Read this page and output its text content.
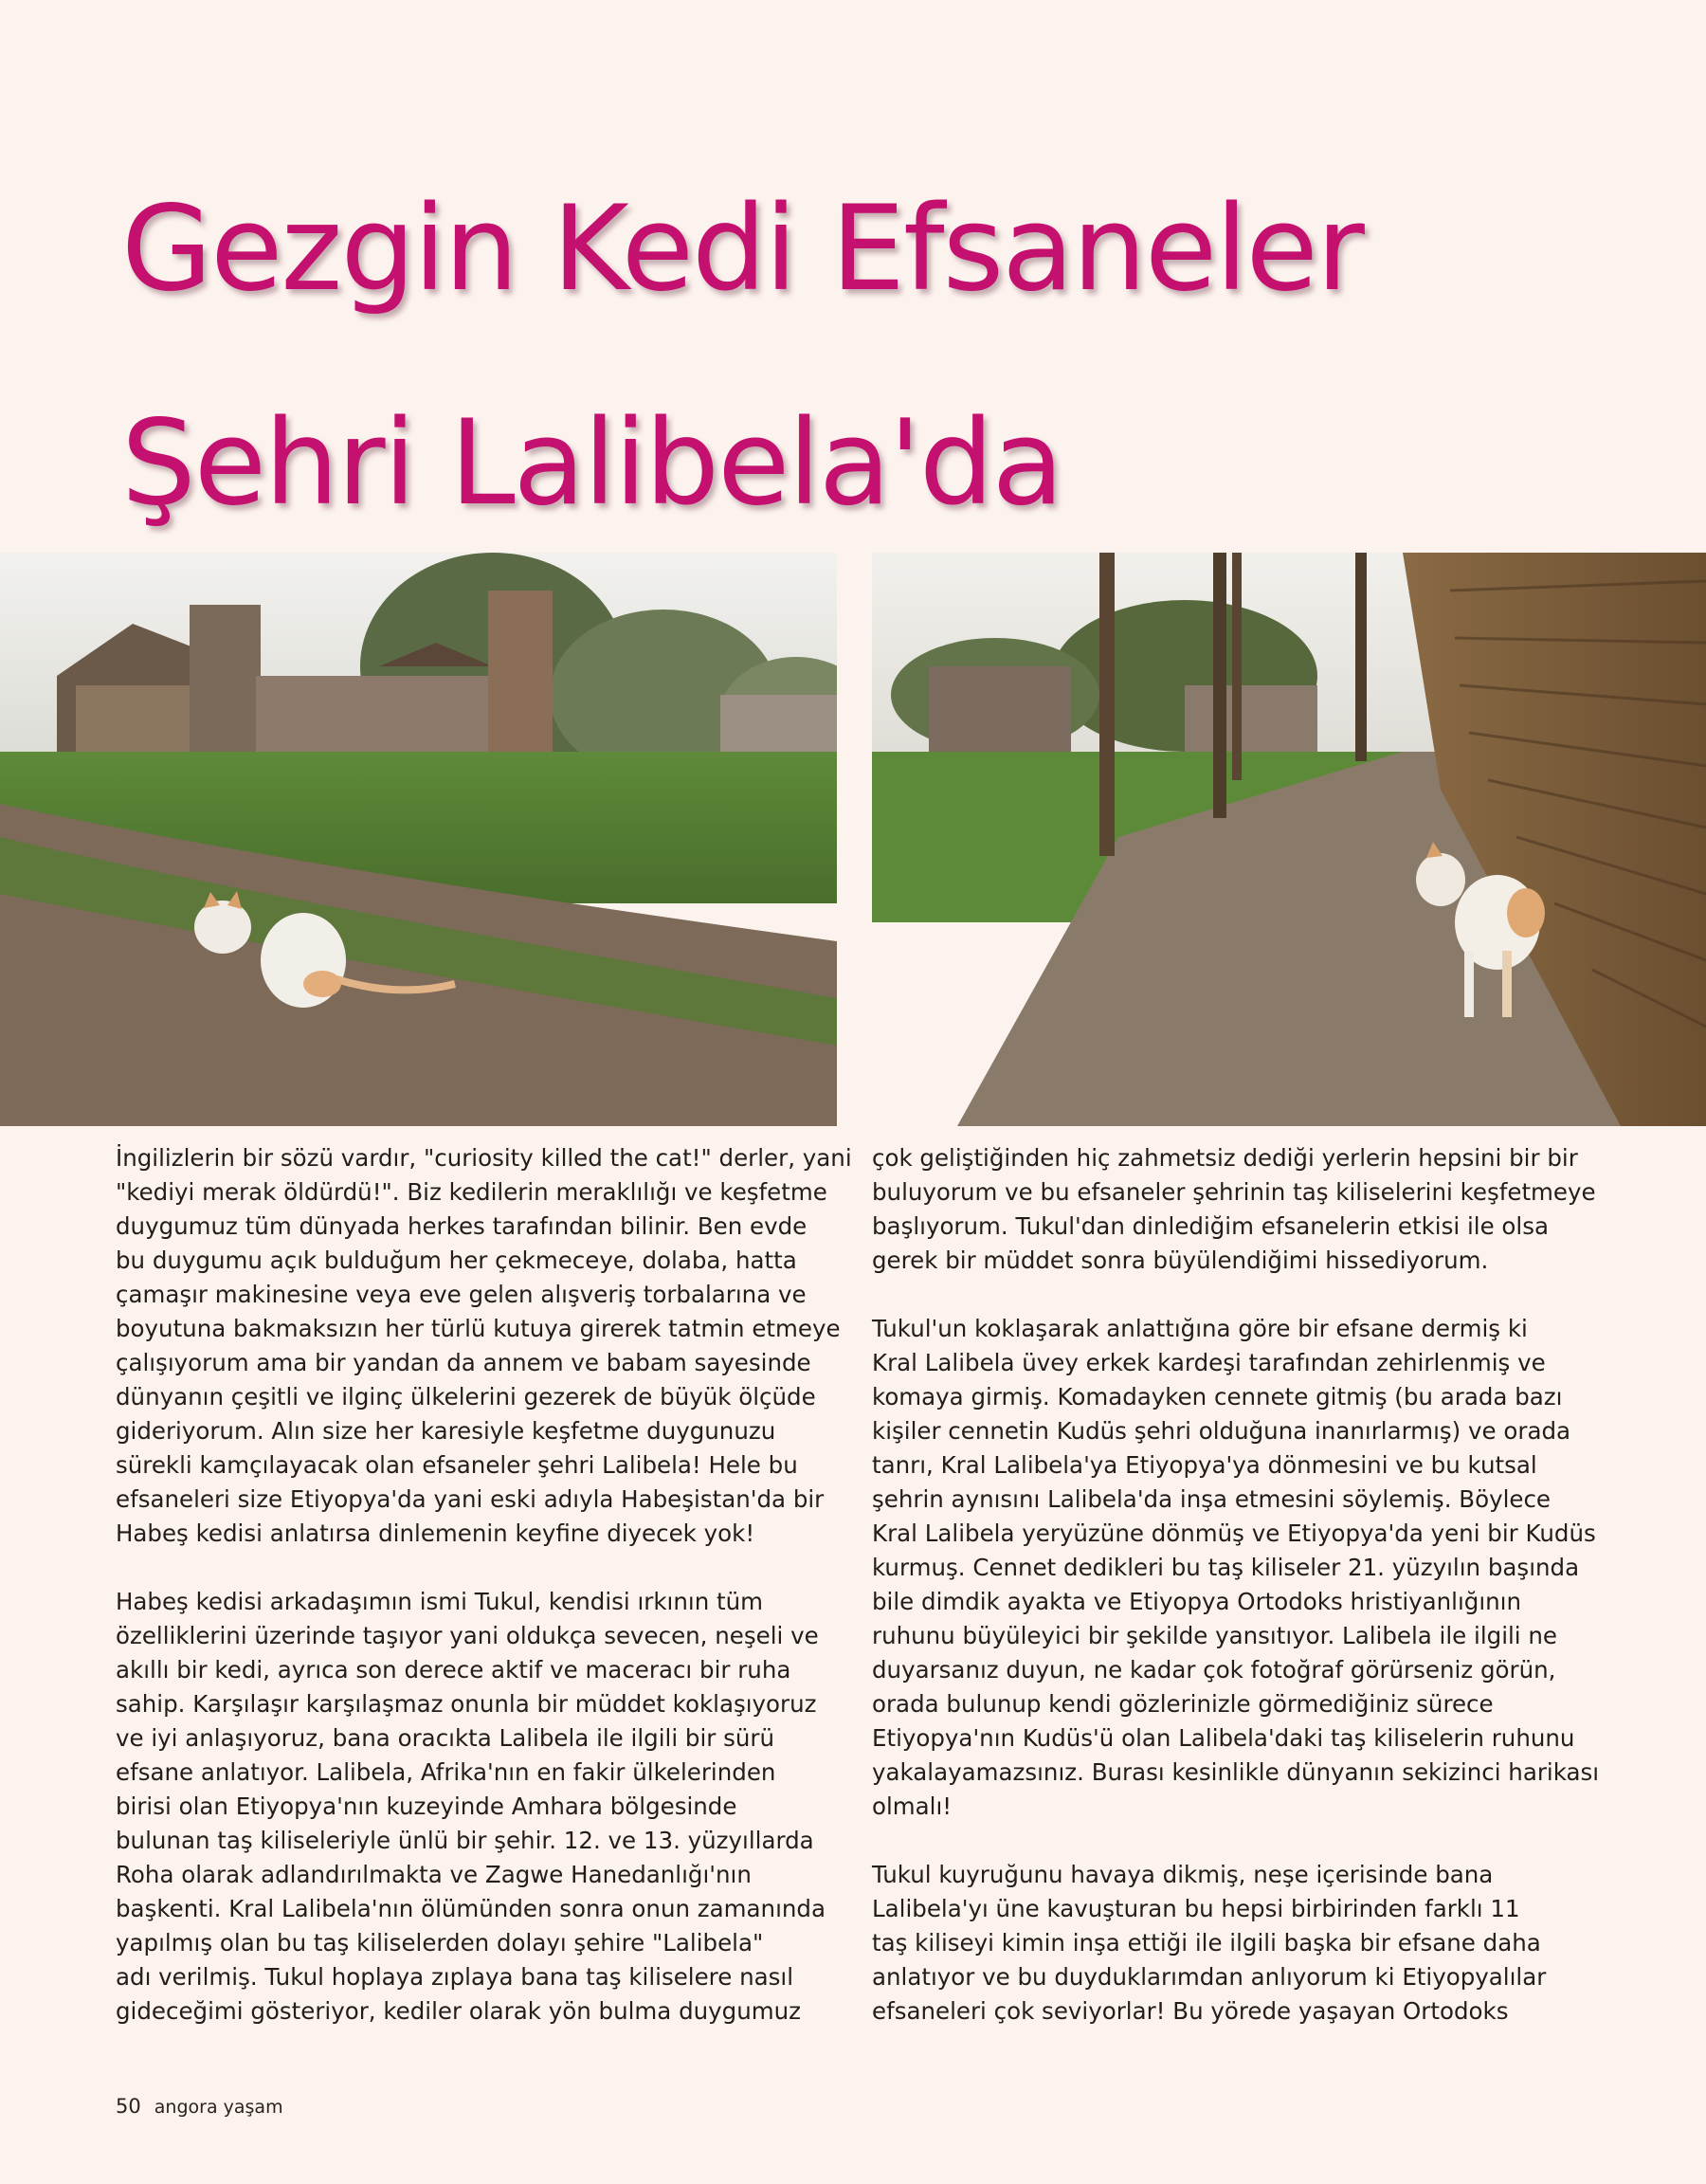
Gezgin Kedi Efsaneler
Şehri Lalibela'da

İngilizlerin bir sözü vardır, "curiosity killed the cat!" derler, yani
"kediyi merak öldürdü!". Biz kedilerin meraklılığı ve keşfetme
duygumuz tüm dünyada herkes tarafından bilinir. Ben evde
bu duygumu açık bulduğum her çekmeceye, dolaba, hatta
çamaşır makinesine veya eve gelen alışveriş torbalarına ve
boyutuna bakmaksızın her türlü kutuya girerek tatmin etmeye
çalışıyorum ama bir yandan da annem ve babam sayesinde
dünyanın çeşitli ve ilginç ülkelerini gezerek de büyük ölçüde
gideriyorum. Alın size her karesiyle keşfetme duygunuzu
sürekli kamçılayacak olan efsaneler şehri Lalibela! Hele bu
efsaneleri size Etiyopya'da yani eski adıyla Habeşistan'da bir
Habeş kedisi anlatırsa dinlemenin keyfine diyecek yok!

Habeş kedisi arkadaşımın ismi Tukul, kendisi ırkının tüm
özelliklerini üzerinde taşıyor yani oldukça sevecen, neşeli ve
akıllı bir kedi, ayrıca son derece aktif ve maceracı bir ruha
sahip. Karşılaşır karşılaşmaz onunla bir müddet koklaşıyoruz
ve iyi anlaşıyoruz, bana oracıkta Lalibela ile ilgili bir sürü
efsane anlatıyor. Lalibela, Afrika'nın en fakir ülkelerinden
birisi olan Etiyopya'nın kuzeyinde Amhara bölgesinde
bulunan taş kiliseleriyle ünlü bir şehir. 12. ve 13. yüzyıllarda
Roha olarak adlandırılmakta ve Zagwe Hanedanlığı'nın
başkenti. Kral Lalibela'nın ölümünden sonra onun zamanında
yapılmış olan bu taş kiliselerden dolayı şehire "Lalibela"
adı verilmiş. Tukul hoplaya zıplaya bana taş kiliselere nasıl
gideceğimi gösteriyor, kediler olarak yön bulma duygumuz

çok geliştiğinden hiç zahmetsiz dediği yerlerin hepsini bir bir
buluyorum ve bu efsaneler şehrinin taş kiliselerini keşfetmeye
başlıyorum. Tukul'dan dinlediğim efsanelerin etkisi ile olsa
gerek bir müddet sonra büyülendiğimi hissediyorum.

Tukul'un koklaşarak anlattığına göre bir efsane dermiş ki
Kral Lalibela üvey erkek kardeşi tarafından zehirlenmiş ve
komaya girmiş. Komadayken cennete gitmiş (bu arada bazı
kişiler cennetin Kudüs şehri olduğuna inanırlarmış) ve orada
tanrı, Kral Lalibela'ya Etiyopya'ya dönmesini ve bu kutsal
şehrin aynısını Lalibela'da inşa etmesini söylemiş. Böylece
Kral Lalibela yeryüzüne dönmüş ve Etiyopya'da yeni bir Kudüs
kurmuş. Cennet dedikleri bu taş kiliseler 21. yüzyılın başında
bile dimdik ayakta ve Etiyopya Ortodoks hristiyanlığının
ruhunu büyüleyici bir şekilde yansıtıyor. Lalibela ile ilgili ne
duyarsanız duyun, ne kadar çok fotoğraf görürseniz görün,
orada bulunup kendi gözlerinizle görmediğiniz sürece
Etiyopya'nın Kudüs'ü olan Lalibela'daki taş kiliselerin ruhunu
yakalayamazsınız. Burası kesinlikle dünyanın sekizinci harikası
olmalı!

Tukul kuyruğunu havaya dikmiş, neşe içerisinde bana
Lalibela'yı üne kavuşturan bu hepsi birbirinden farklı 11
taş kiliseyi kimin inşa ettiği ile ilgili başka bir efsane daha
anlatıyor ve bu duyduklarımdan anlıyorum ki Etiyopyalılar
efsaneleri çok seviyorlar! Bu yörede yaşayan Ortodoks

50 angora yaşam
